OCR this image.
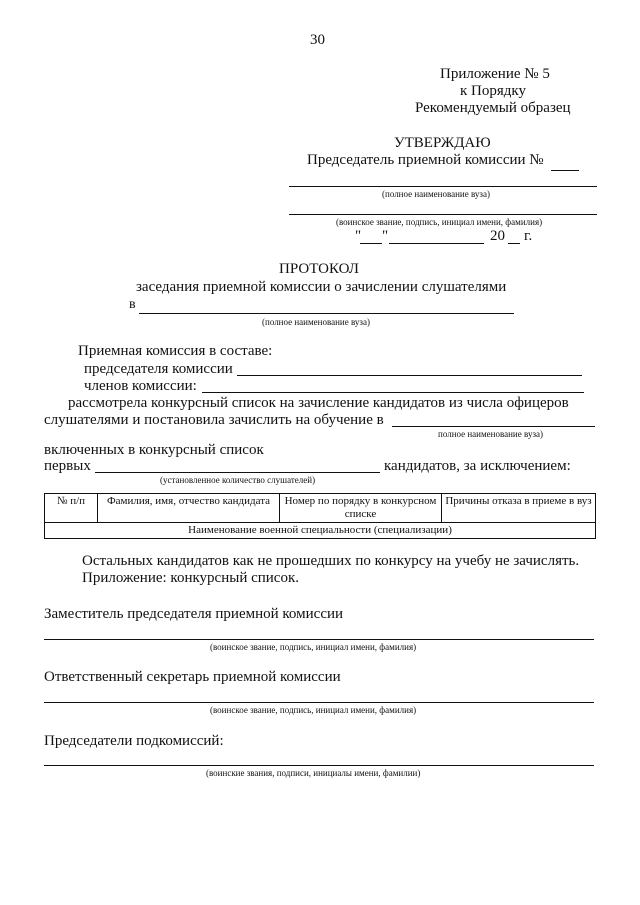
30
Приложение № 5
к Порядку
Рекомендуемый образец
УТВЕРЖДАЮ
Председатель приемной комиссии №
(полное наименование вуза)
(воинское звание, подпись, инициал имени, фамилия)
" "	20 г.
ПРОТОКОЛ
заседания приемной комиссии о зачислении слушателями
в
(полное наименование вуза)
Приемная комиссия в составе:
председателя комиссии
членов комиссии:
рассмотрела конкурсный список на зачисление кандидатов из числа офицеров
слушателями и постановила зачислить на обучение в
полное наименование вуза)
включенных в конкурсный список
первых	кандидатов, за исключением:
(установленное количество слушателей)
№ п/п	Фамилия, имя, отчество кандидата	Номер по порядку в конкурсном списке	Причины отказа в приеме в вуз
Наименование военной специальности (специализации)
Остальных кандидатов как не прошедших по конкурсу на учебу не зачислять.
Приложение: конкурсный список.
Заместитель председателя приемной комиссии
(воинское звание, подпись, инициал имени, фамилия)
Ответственный секретарь приемной комиссии
(воинское звание, подпись, инициал имени, фамилия)
Председатели подкомиссий:
(воинские звания, подписи, инициалы имени, фамилии)
